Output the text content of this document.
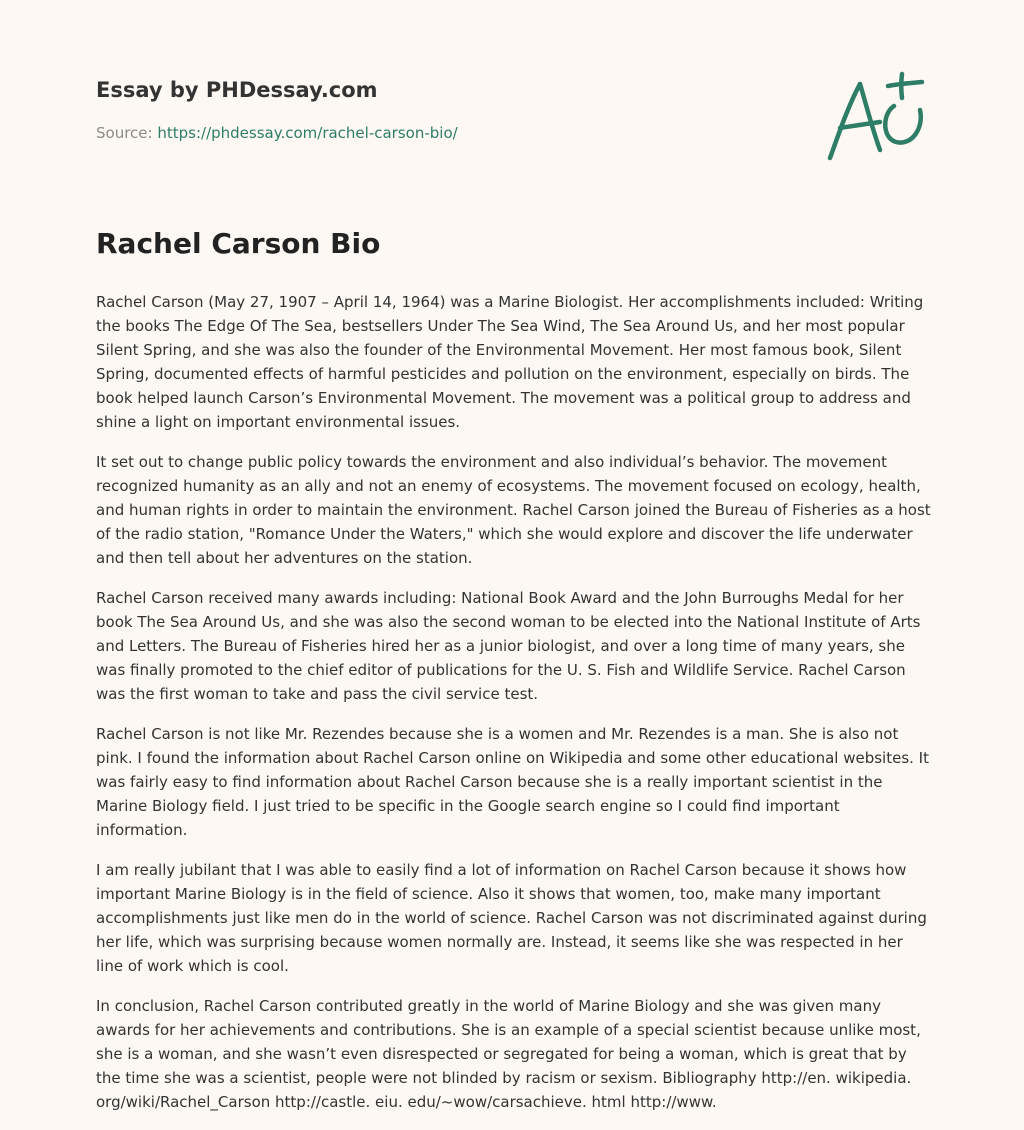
Essay by PHDessay.com
Source: https://phdessay.com/rachel-carson-bio/
Rachel Carson Bio

Rachel Carson (May 27, 1907 – April 14, 1964) was a Marine Biologist. Her accomplishments included: Writing the books The Edge Of The Sea, bestsellers Under The Sea Wind, The Sea Around Us, and her most popular Silent Spring, and she was also the founder of the Environmental Movement. Her most famous book, Silent Spring, documented effects of harmful pesticides and pollution on the environment, especially on birds. The book helped launch Carson’s Environmental Movement. The movement was a political group to address and shine a light on important environmental issues.

It set out to change public policy towards the environment and also individual’s behavior. The movement recognized humanity as an ally and not an enemy of ecosystems. The movement focused on ecology, health, and human rights in order to maintain the environment. Rachel Carson joined the Bureau of Fisheries as a host of the radio station, "Romance Under the Waters," which she would explore and discover the life underwater and then tell about her adventures on the station.

Rachel Carson received many awards including: National Book Award and the John Burroughs Medal for her book The Sea Around Us, and she was also the second woman to be elected into the National Institute of Arts and Letters. The Bureau of Fisheries hired her as a junior biologist, and over a long time of many years, she was finally promoted to the chief editor of publications for the U. S. Fish and Wildlife Service. Rachel Carson was the first woman to take and pass the civil service test.

Rachel Carson is not like Mr. Rezendes because she is a women and Mr. Rezendes is a man. She is also not pink. I found the information about Rachel Carson online on Wikipedia and some other educational websites. It was fairly easy to find information about Rachel Carson because she is a really important scientist in the Marine Biology field. I just tried to be specific in the Google search engine so I could find important information.

I am really jubilant that I was able to easily find a lot of information on Rachel Carson because it shows how important Marine Biology is in the field of science. Also it shows that women, too, make many important accomplishments just like men do in the world of science. Rachel Carson was not discriminated against during her life, which was surprising because women normally are. Instead, it seems like she was respected in her line of work which is cool.

In conclusion, Rachel Carson contributed greatly in the world of Marine Biology and she was given many awards for her achievements and contributions. She is an example of a special scientist because unlike most, she is a woman, and she wasn’t even disrespected or segregated for being a woman, which is great that by the time she was a scientist, people were not blinded by racism or sexism. Bibliography http://en. wikipedia. org/wiki/Rachel_Carson http://castle. eiu. edu/~wow/carsachieve. html http://www.
